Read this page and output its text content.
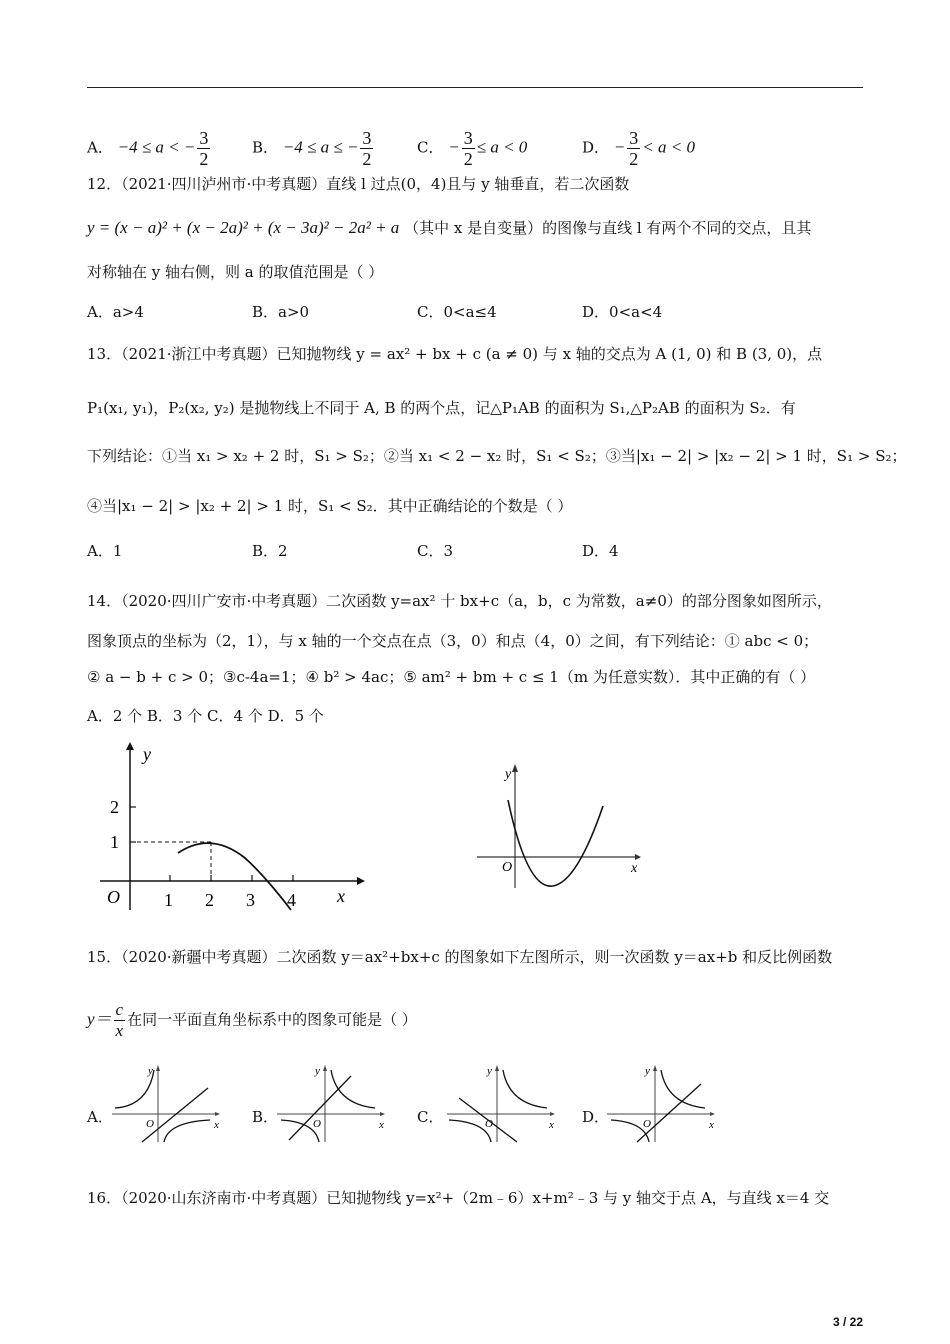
A． −4 ≤ a < − $\frac{3}{2}$	B． −4 ≤ a ≤ − $\frac{3}{2}$	C． − $\frac{3}{2} \le a < 0$	D． − $\frac{3}{2} < a < 0$
12．（2021·四川泸州市·中考真题）直线 l 过点(0，4)且与 y 轴垂直，若二次函数
y = (x − a)² + (x − 2a)² + (x − 3a)² − 2a² + a （其中 x 是自变量）的图像与直线 l 有两个不同的交点，且其
对称轴在 y 轴右侧，则 a 的取值范围是（ ）
A．a>4	B．a>0	C．0<a≤4	D．0<a<4
13．（2021·浙江中考真题）已知抛物线 y = ax² + bx + c (a ≠ 0) 与 x 轴的交点为 A (1, 0) 和 B (3, 0)，点
P₁(x₁, y₁)，P₂(x₂, y₂) 是抛物线上不同于 A, B 的两个点，记△P₁AB 的面积为 S₁,△P₂AB 的面积为 S₂．有
下列结论：①当 x₁ > x₂ + 2 时，S₁ > S₂；②当 x₁ < 2 − x₂ 时，S₁ < S₂；③当|x₁ − 2| > |x₂ − 2| > 1 时，S₁ > S₂；
④当|x₁ − 2| > |x₂ + 2| > 1 时，S₁ < S₂．其中正确结论的个数是（ ）
A．1	B．2	C．3	D．4
14．（2020·四川广安市·中考真题）二次函数 y=ax² 十 bx+c（a，b，c 为常数，a≠0）的部分图象如图所示，
图象顶点的坐标为（2，1），与 x 轴的一个交点在点（3，0）和点（4，0）之间，有下列结论：① abc < 0；
② a − b + c > 0；③c-4a=1；④ b² > 4ac；⑤ am² + bm + c ≤ 1（m 为任意实数）．其中正确的有（ ）
A．2 个 B．3 个 C．4 个 D．5 个
y
x
O
2
1
1 2 3 4
y
x
O
15．（2020·新疆中考真题）二次函数 y＝ax²+bx+c 的图象如下左图所示，则一次函数 y＝ax+b 和反比例函数
$y= \frac{c}{x}$ 在同一平面直角坐标系中的图象可能是（ ）
A．
y
x
O	B．
y
x
O	C．
y
x
O	D．
y
x
O
16．（2020·山东济南市·中考真题）已知抛物线 y=x²+（2m﹣6）x+m²﹣3 与 y 轴交于点 A，与直线 x＝4 交
3 / 22
